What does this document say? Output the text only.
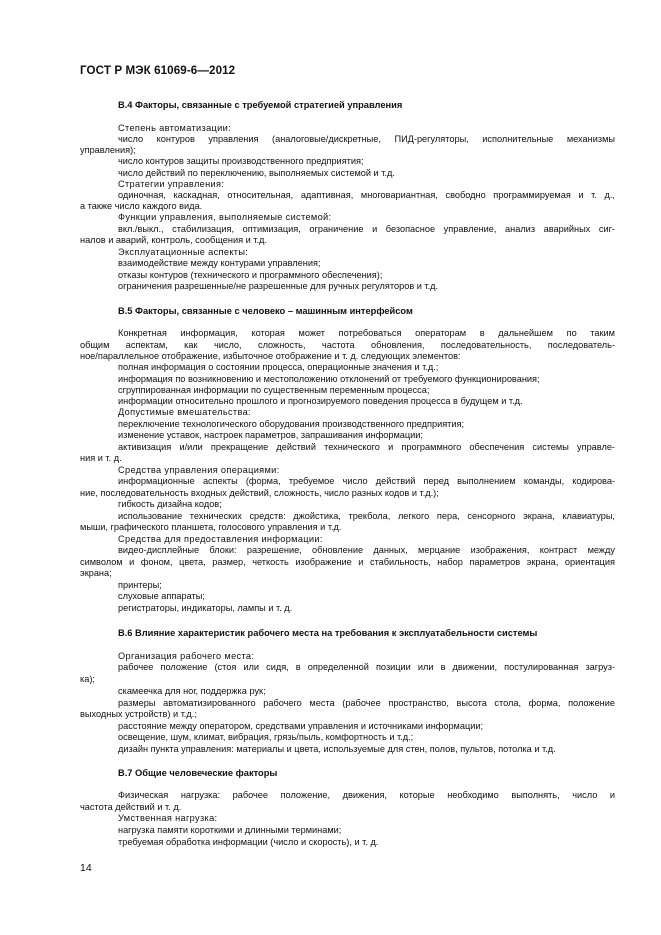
ГОСТ Р МЭК 61069-6—2012
В.4 Факторы, связанные с требуемой стратегией управления
Степень автоматизации:
число контуров управления (аналоговые/дискретные, ПИД-регуляторы, исполнительные механизмы
управления);
число контуров защиты производственного предприятия;
число действий по переключению, выполняемых системой и т.д.
Стратегии управления:
одиночная, каскадная, относительная, адаптивная, многовариантная, свободно программируемая и т. д.,
а также число каждого вида.
Функции управления, выполняемые системой:
вкл./выкл., стабилизация, оптимизация, ограничение и безопасное управление, анализ аварийных сиг-
налов и аварий, контроль, сообщения и т.д.
Эксплуатационные аспекты:
взаимодействие между контурами управления;
отказы контуров (технического и программного обеспечения);
ограничения разрешенные/не разрешенные для ручных регуляторов и т.д.
В.5 Факторы, связанные с человеко – машинным интерфейсом
Конкретная информация, которая может потребоваться операторам в дальнейшем по таким
общим аспектам, как число, сложность, частота обновления, последовательность, последователь-
ное/параллельное отображение, избыточное отображение и т. д. следующих элементов:
полная информация о состоянии процесса, операционные значения и т.д.;
информация по возникновению и местоположению отклонений от требуемого функционирования;
сгруппированная информации по существенным переменным процесса;
информации относительно прошлого и прогнозируемого поведения процесса в будущем и т.д.
Допустимые вмешательства:
переключение технологического оборудования производственного предприятия;
изменение уставок, настроек параметров, запрашивания информации;
активизация и/или прекращение действий технического и программного обеспечения системы управле-
ния и т. д.
Средства управления операциями:
информационные аспекты (форма, требуемое число действий перед выполнением команды, кодирова-
ние, последовательность входных действий, сложность, число разных кодов и т.д.);
гибкость дизайна кодов;
использование технических средств: джойстика, трекбола, легкого пера, сенсорного экрана, клавиатуры,
мыши, графического планшета, голосового управления и т.д.
Средства для предоставления информации:
видео-дисплейные блоки: разрешение, обновление данных, мерцание изображения, контраст между
символом и фоном, цвета, размер, четкость изображение и стабильность, набор параметров экрана, ориентация
экрана;
принтеры;
слуховые аппараты;
регистраторы, индикаторы, лампы и т. д.
В.6 Влияние характеристик рабочего места на требования к эксплуатабельности системы
Организация рабочего места:
рабочее положение (стоя или сидя, в определенной позиции или в движении, постулированная загруз-
ка);
скамеечка для ног, поддержка рук;
размеры автоматизированного рабочего места (рабочее пространство, высота стола, форма, положение
выходных устройств) и т.д.;
расстояние между оператором, средствами управления и источниками информации;
освещение, шум, климат, вибрация, грязь/пыль, комфортность и т.д.;
дизайн пункта управления: материалы и цвета, используемые для стен, полов, пультов, потолка и т.д.
В.7 Общие человеческие факторы
Физическая нагрузка: рабочее положение, движения, которые необходимо выполнять, число и
частота действий и т. д.
Умственная нагрузка:
нагрузка памяти короткими и длинными терминами;
требуемая обработка информации (число и скорость), и т. д.
14
